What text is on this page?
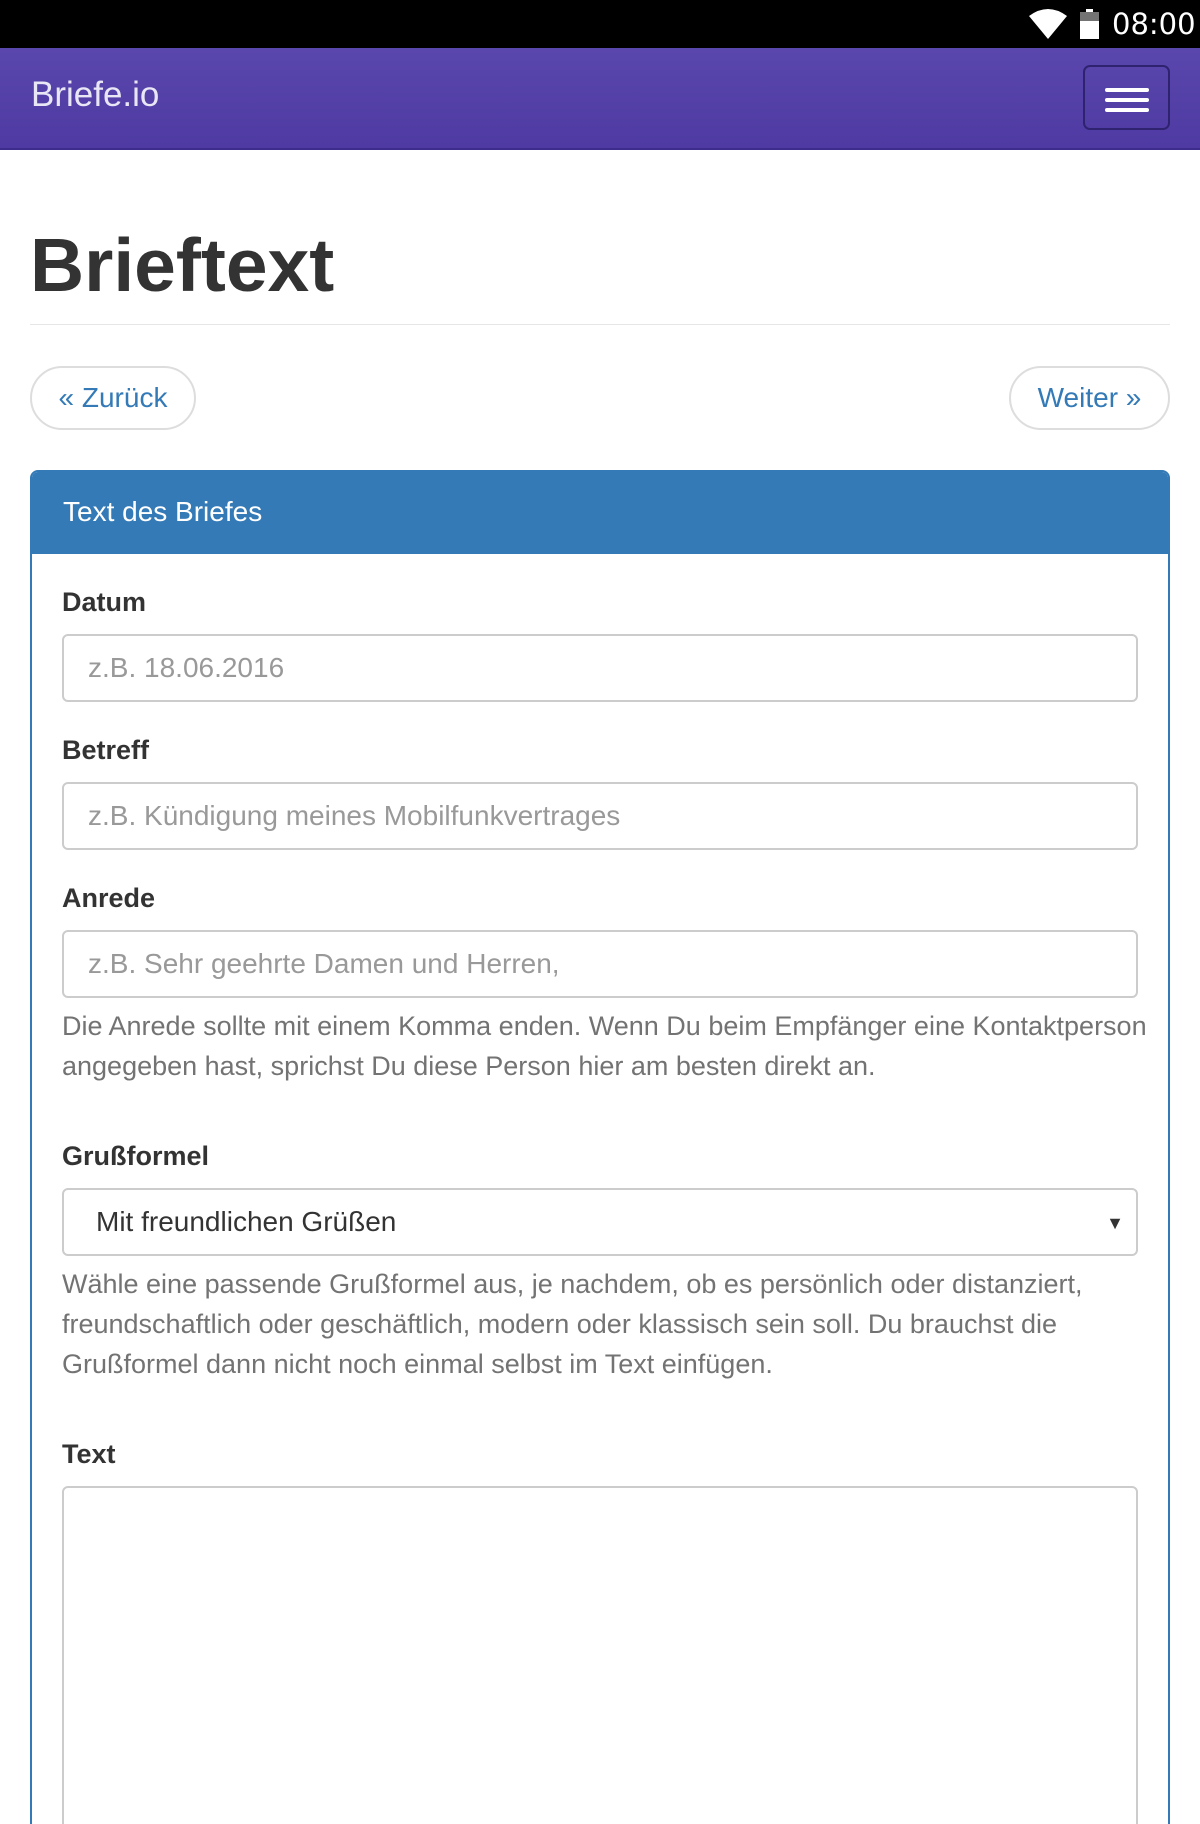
08:00
Briefe.io
Brieftext
« Zurück	Weiter »
Text des Briefes
Datum
z.B. 18.06.2016
Betreff
z.B. Kündigung meines Mobilfunkvertrages
Anrede
z.B. Sehr geehrte Damen und Herren,

Die Anrede sollte mit einem Komma enden. Wenn Du beim Empfänger eine Kontaktperson angegeben hast, sprichst Du diese Person hier am besten direkt an.

Grußformel
Mit freundlichen Grüßen	▼

Wähle eine passende Grußformel aus, je nachdem, ob es persönlich oder distanziert, freundschaftlich oder geschäftlich, modern oder klassisch sein soll. Du brauchst die Grußformel dann nicht noch einmal selbst im Text einfügen.

Text
